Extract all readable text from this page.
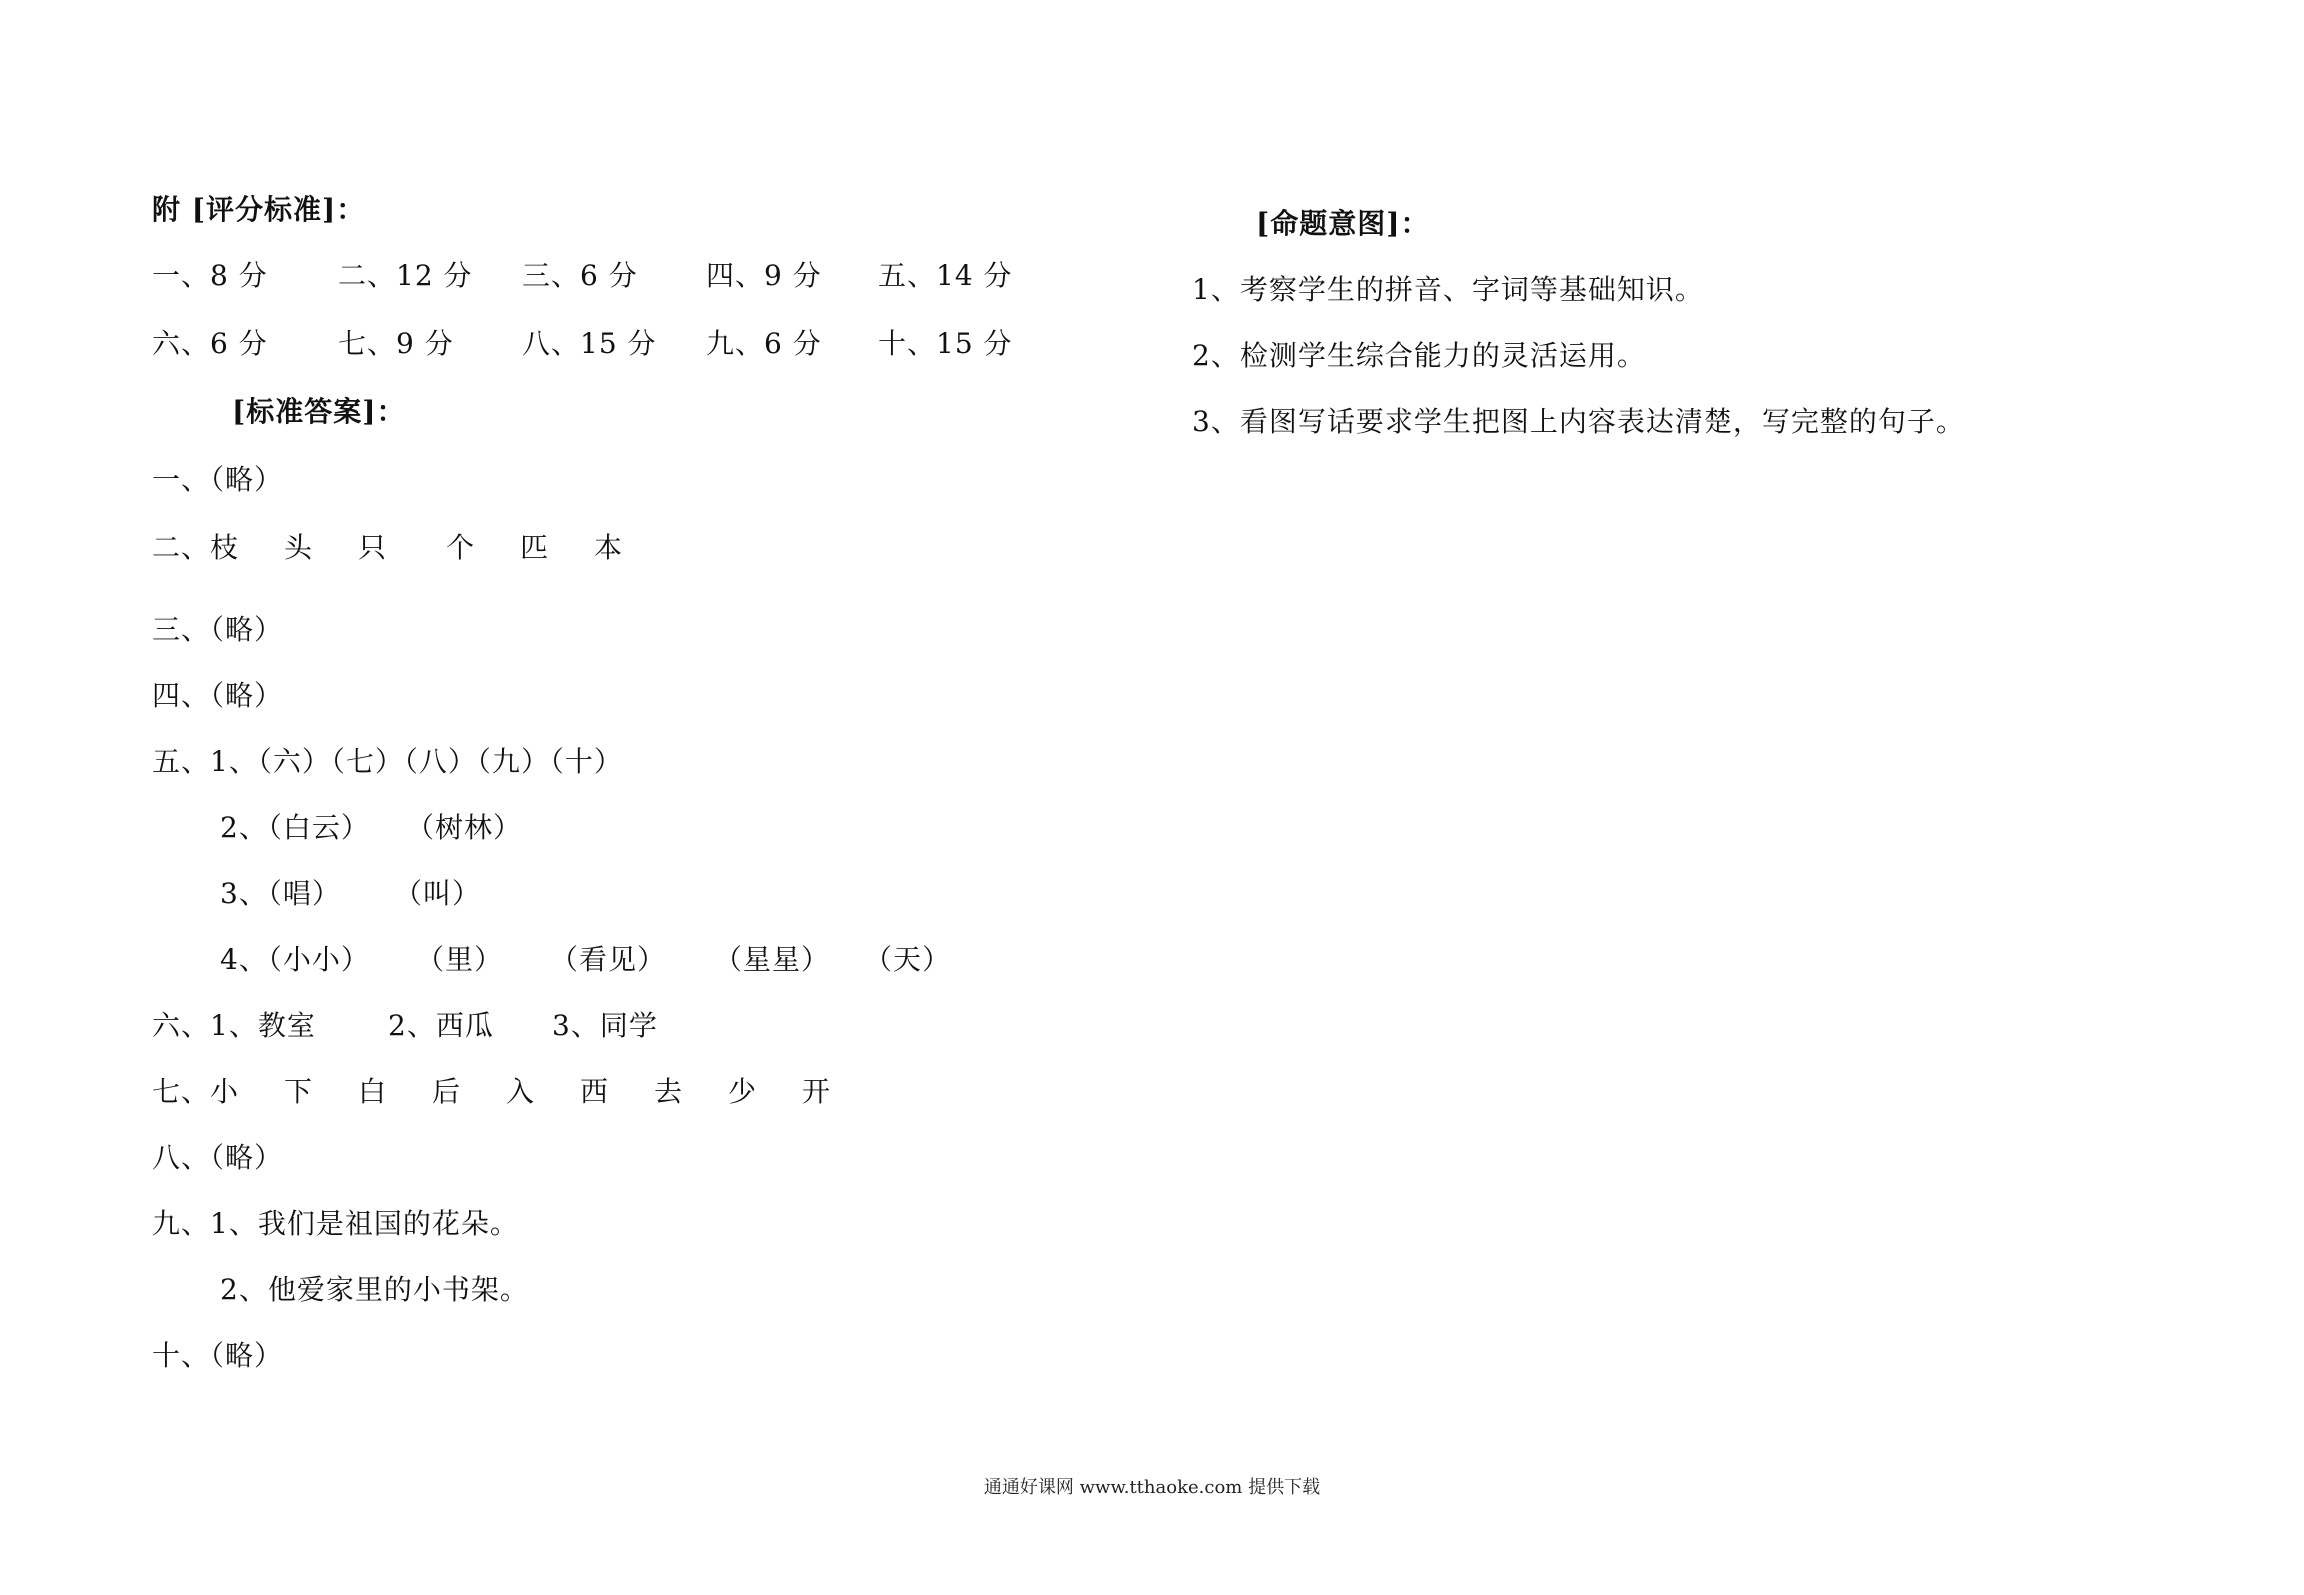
附 [评分标准]：
一、8 分	二、12 分 三、6 分 四、9 分 五、14 分
六、6 分	七、9 分 八、15 分 九、6 分 十、15 分
[标准答案]：
一、（略）
二、 枝 头 只 个 匹 本
三、（略）
四、（略）
五、1、（六）（七）（八）（九）（十）
2、（白云） （树林）
3、（唱） （叫）
4、（小小） （里） （看见） （星星） （天）
六、1、教室	2、西瓜 3、同学
七、 小 下 白 后 入 西 去 少 开
八、（略）
九、1、我们是祖国的花朵。
2、他爱家里的小书架。
十、（略）
[命题意图]：
1、考察学生的拼音、字词等基础知识。
2、检测学生综合能力的灵活运用。
3、看图写话要求学生把图上内容表达清楚，写完整的句子。
通通好课网 www.tthaoke.com 提供下载
